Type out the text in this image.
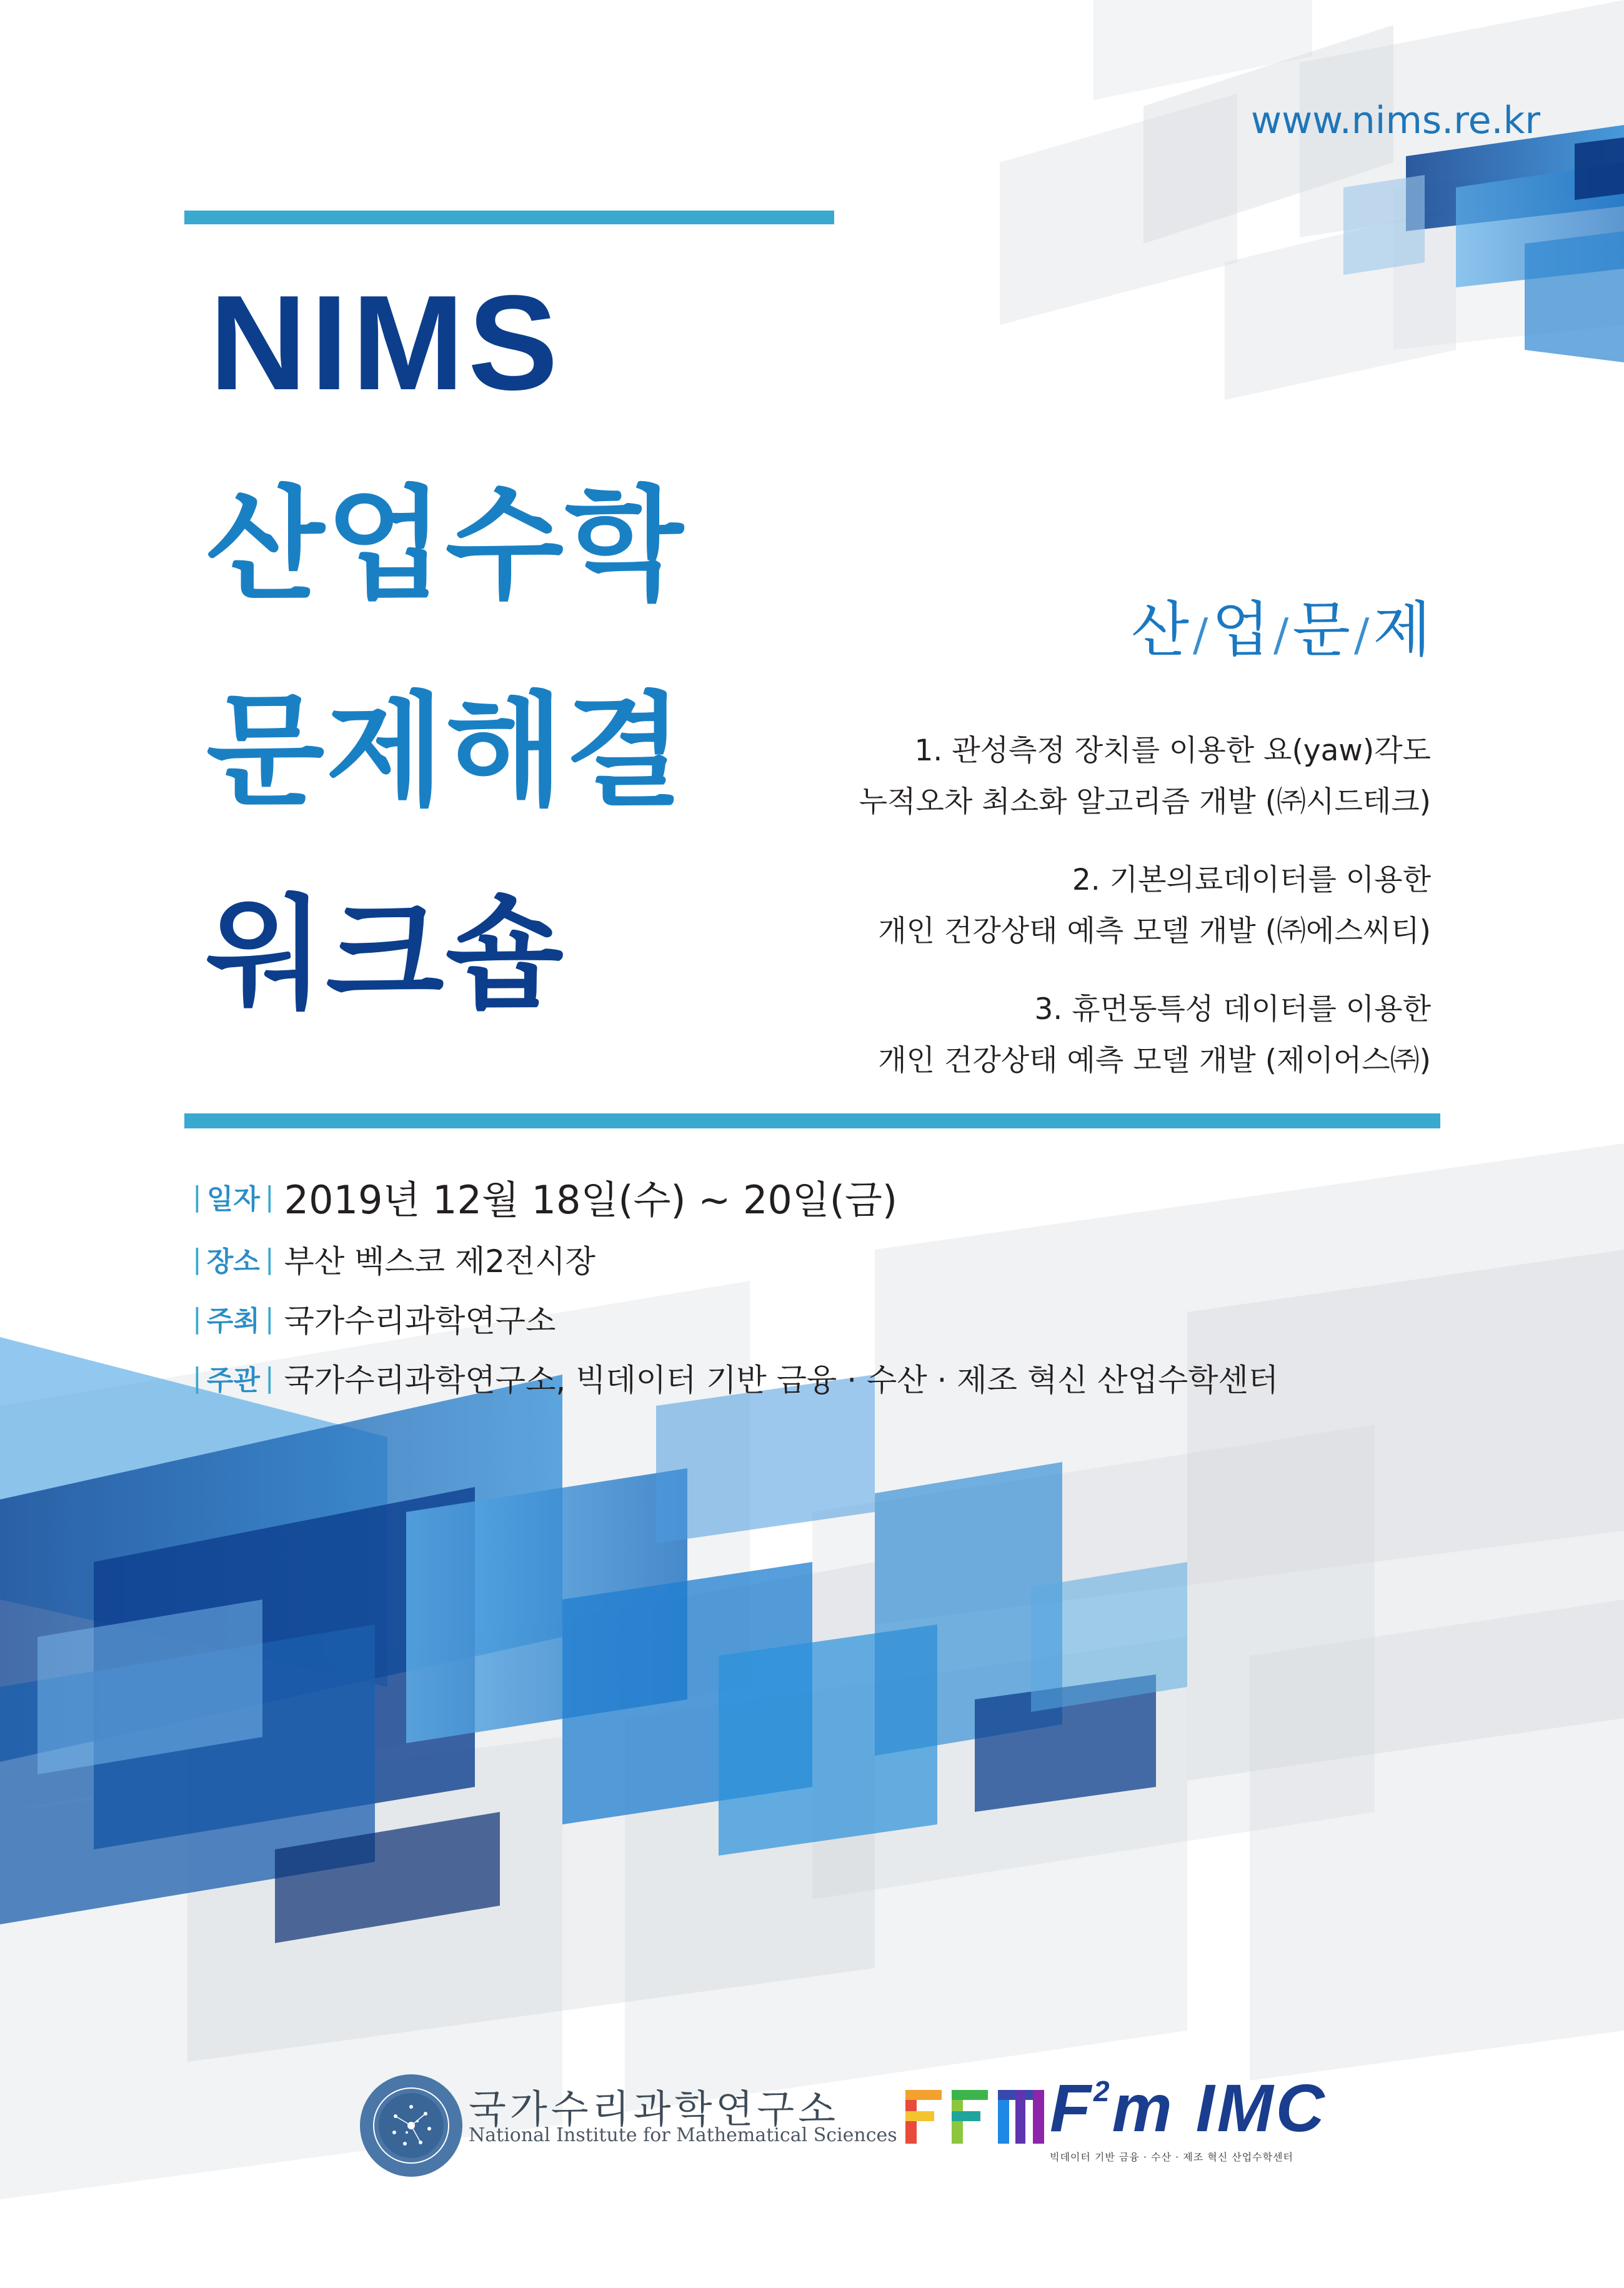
www.nims.re.kr
NIMS
산업수학
문제해결
워크숍
산/업/문/제
1. 관성측정 장치를 이용한 요(yaw)각도
누적오차 최소화 알고리즘 개발 (㈜시드테크)
2. 기본의료데이터를 이용한
개인 건강상태 예측 모델 개발 (㈜에스씨티)
3. 휴먼동특성 데이터를 이용한
개인 건강상태 예측 모델 개발 (제이어스㈜)
| 일자 | 2019년 12월 18일(수) ~ 20일(금)
| 장소 | 부산 벡스코 제2전시장
| 주최 | 국가수리과학연구소
| 주관 | 국가수리과학연구소, 빅데이터 기반 금융 · 수산 · 제조 혁신 산업수학센터
국가수리과학연구소
National Institute for Mathematical Sciences $F^2m$ IMC
빅데이터 기반 금융 · 수산 · 제조 혁신 산업수학센터
